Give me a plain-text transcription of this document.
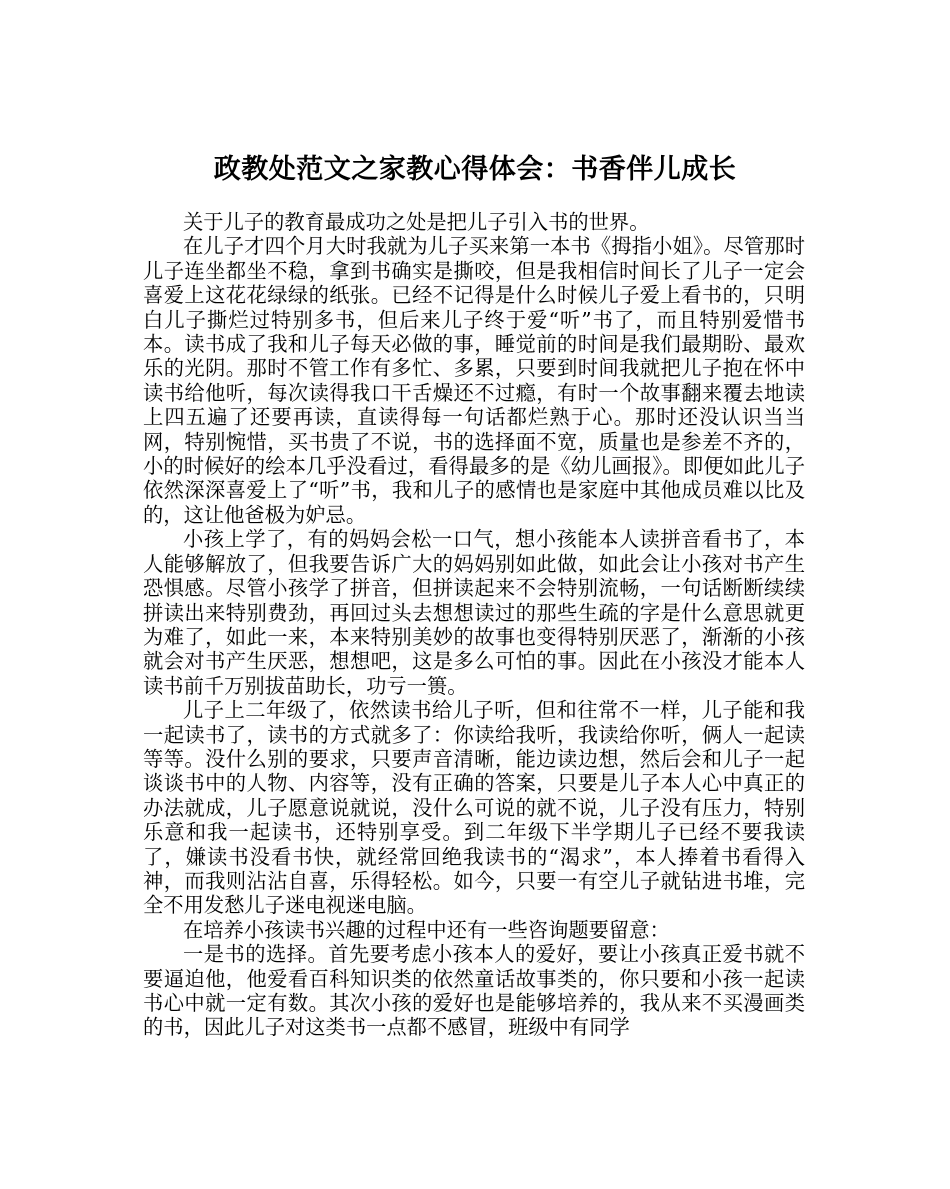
政教处范文之家教心得体会：书香伴儿成长

关于儿子的教育最成功之处是把儿子引入书的世界。

在儿子才四个月大时我就为儿子买来第一本书《拇指小姐》。尽管那时儿子连坐都坐不稳，拿到书确实是撕咬，但是我相信时间长了儿子一定会喜爱上这花花绿绿的纸张。已经不记得是什么时候儿子爱上看书的，只明白儿子撕烂过特别多书，但后来儿子终于爱“听”书了，而且特别爱惜书本。读书成了我和儿子每天必做的事，睡觉前的时间是我们最期盼、最欢乐的光阴。那时不管工作有多忙、多累，只要到时间我就把儿子抱在怀中读书给他听，每次读得我口干舌燥还不过瘾，有时一个故事翻来覆去地读上四五遍了还要再读，直读得每一句话都烂熟于心。那时还没认识当当网，特别惋惜，买书贵了不说，书的选择面不宽，质量也是参差不齐的，小的时候好的绘本几乎没看过，看得最多的是《幼儿画报》。即便如此儿子依然深深喜爱上了“听”书，我和儿子的感情也是家庭中其他成员难以比及的，这让他爸极为妒忌。

小孩上学了，有的妈妈会松一口气，想小孩能本人读拼音看书了，本人能够解放了，但我要告诉广大的妈妈别如此做，如此会让小孩对书产生恐惧感。尽管小孩学了拼音，但拼读起来不会特别流畅，一句话断断续续拼读出来特别费劲，再回过头去想想读过的那些生疏的字是什么意思就更为难了，如此一来，本来特别美妙的故事也变得特别厌恶了，渐渐的小孩就会对书产生厌恶，想想吧，这是多么可怕的事。因此在小孩没才能本人读书前千万别拔苗助长，功亏一篑。

儿子上二年级了，依然读书给儿子听，但和往常不一样，儿子能和我一起读书了，读书的方式就多了：你读给我听，我读给你听，俩人一起读等等。没什么别的要求，只要声音清晰，能边读边想，然后会和儿子一起谈谈书中的人物、内容等，没有正确的答案，只要是儿子本人心中真正的办法就成，儿子愿意说就说，没什么可说的就不说，儿子没有压力，特别乐意和我一起读书，还特别享受。到二年级下半学期儿子已经不要我读了，嫌读书没看书快，就经常回绝我读书的“渴求”，本人捧着书看得入神，而我则沾沾自喜，乐得轻松。如今，只要一有空儿子就钻进书堆，完全不用发愁儿子迷电视迷电脑。

在培养小孩读书兴趣的过程中还有一些咨询题要留意：

一是书的选择。首先要考虑小孩本人的爱好，要让小孩真正爱书就不要逼迫他，他爱看百科知识类的依然童话故事类的，你只要和小孩一起读书心中就一定有数。其次小孩的爱好也是能够培养的，我从来不买漫画类的书，因此儿子对这类书一点都不感冒，班级中有同学
